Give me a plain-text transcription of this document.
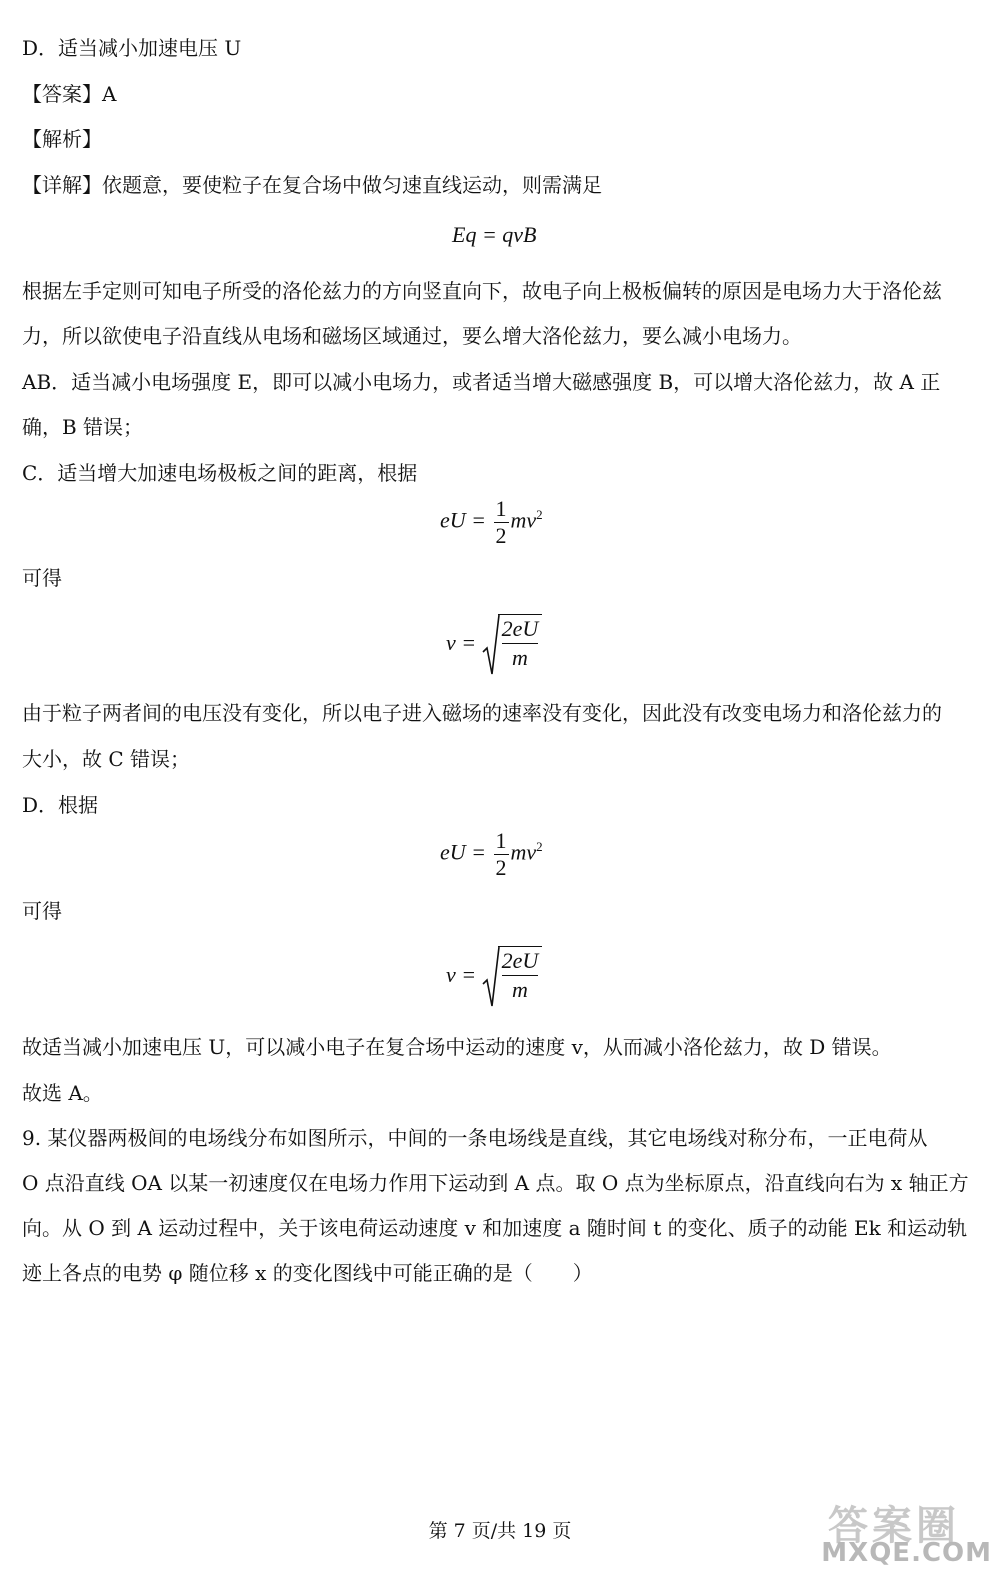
D．适当减小加速电压 U
【答案】A
【解析】
【详解】依题意，要使粒子在复合场中做匀速直线运动，则需满足
Eq = qvB
根据左手定则可知电子所受的洛伦兹力的方向竖直向下，故电子向上极板偏转的原因是电场力大于洛伦兹
力，所以欲使电子沿直线从电场和磁场区域通过，要么增大洛伦兹力，要么减小电场力。
AB．适当减小电场强度 E，即可以减小电场力，或者适当增大磁感强度 B，可以增大洛伦兹力，故 A 正
确，B 错误；
C．适当增大加速电场极板之间的距离，根据
eU = $\frac{1}{2} mv^2$
可得
$v = \frac{2eU}{m}$
由于粒子两者间的电压没有变化，所以电子进入磁场的速率没有变化，因此没有改变电场力和洛伦兹力的
大小，故 C 错误；
D．根据
eU = $\frac{1}{2} mv^2$
可得
$v = \frac{2eU}{m}$
故适当减小加速电压 U，可以减小电子在复合场中运动的速度 v，从而减小洛伦兹力，故 D 错误。
故选 A。
9. 某仪器两极间的电场线分布如图所示，中间的一条电场线是直线，其它电场线对称分布，一正电荷从
O 点沿直线 OA 以某一初速度仅在电场力作用下运动到 A 点。取 O 点为坐标原点，沿直线向右为 x 轴正方
向。从 O 到 A 运动过程中，关于该电荷运动速度 v 和加速度 a 随时间 t 的变化、质子的动能 Ek 和运动轨
迹上各点的电势 φ 随位移 x 的变化图线中可能正确的是（　　）
第 7 页/共 19 页	答案圈
MXQE.COM
